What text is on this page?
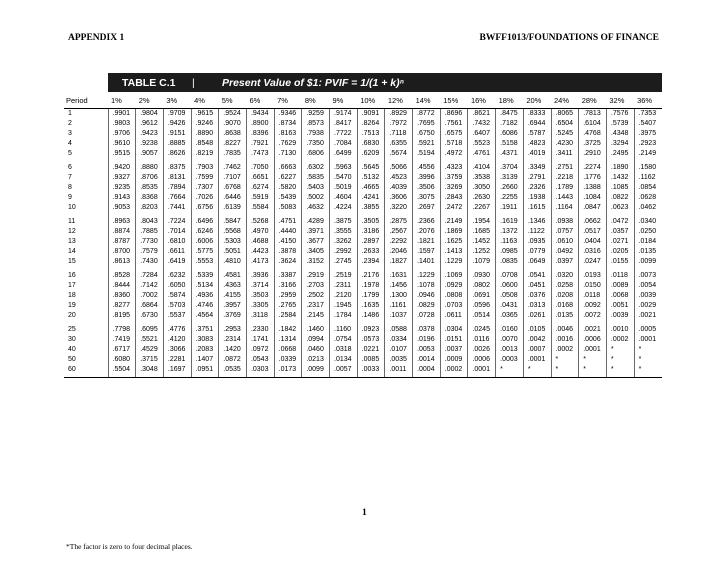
APPENDIX 1	BWFF1013/FOUNDATIONS OF FINANCE
TABLE C.1	|	Present Value of $1: PVIF = 1/(1 + k)ⁿ
Period	1%	2%	3%	4%	5%	6%	7%	8%	9%	10%	12%	14%	15%	16%	18%	20%	24%	28%	32%	36%
1	.9901	.9804	.9709	.9615	.9524	.9434	.9346	.9259	.9174	.9091	.8929	.8772	.8696	.8621	.8475	.8333	.8065	.7813	.7576	.7353
2	.9803	.9612	.9426	.9246	.9070	.8900	.8734	.8573	.8417	.8264	.7972	.7695	.7561	.7432	.7182	.6944	.6504	.6104	.5739	.5407
3	.9706	.9423	.9151	.8890	.8638	.8396	.8163	.7938	.7722	.7513	.7118	.6750	.6575	.6407	.6086	.5787	.5245	.4768	.4348	.3975
4	.9610	.9238	.8885	.8548	.8227	.7921	.7629	.7350	.7084	.6830	.6355	.5921	.5718	.5523	.5158	.4823	.4230	.3725	.3294	.2923
5	.9515	.9057	.8626	.8219	.7835	.7473	.7130	.6806	.6499	.6209	.5674	.5194	.4972	.4761	.4371	.4019	.3411	.2910	.2495	.2149
6	.9420	.8880	.8375	.7903	.7462	.7050	.6663	.6302	.5963	.5645	.5066	.4556	.4323	.4104	.3704	.3349	.2751	.2274	.1890	.1580
7	.9327	.8706	.8131	.7599	.7107	.6651	.6227	.5835	.5470	.5132	.4523	.3996	.3759	.3538	.3139	.2791	.2218	.1776	.1432	.1162
8	.9235	.8535	.7894	.7307	.6768	.6274	.5820	.5403	.5019	.4665	.4039	.3506	.3269	.3050	.2660	.2326	.1789	.1388	.1085	.0854
9	.9143	.8368	.7664	.7026	.6446	.5919	.5439	.5002	.4604	.4241	.3606	.3075	.2843	.2630	.2255	.1938	.1443	.1084	.0822	.0628
10	.9053	.8203	.7441	.6756	.6139	.5584	.5083	.4632	.4224	.3855	.3220	.2697	.2472	.2267	.1911	.1615	.1164	.0847	.0623	.0462
11	.8963	.8043	.7224	.6496	.5847	.5268	.4751	.4289	.3875	.3505	.2875	.2366	.2149	.1954	.1619	.1346	.0938	.0662	.0472	.0340
12	.8874	.7885	.7014	.6246	.5568	.4970	.4440	.3971	.3555	.3186	.2567	.2076	.1869	.1685	.1372	.1122	.0757	.0517	.0357	.0250
13	.8787	.7730	.6810	.6006	.5303	.4688	.4150	.3677	.3262	.2897	.2292	.1821	.1625	.1452	.1163	.0935	.0610	.0404	.0271	.0184
14	.8700	.7579	.6611	.5775	.5051	.4423	.3878	.3405	.2992	.2633	.2046	.1597	.1413	.1252	.0985	.0779	.0492	.0316	.0205	.0135
15	.8613	.7430	.6419	.5553	.4810	.4173	.3624	.3152	.2745	.2394	.1827	.1401	.1229	.1079	.0835	.0649	.0397	.0247	.0155	.0099
16	.8528	.7284	.6232	.5339	.4581	.3936	.3387	.2919	.2519	.2176	.1631	.1229	.1069	.0930	.0708	.0541	.0320	.0193	.0118	.0073
17	.8444	.7142	.6050	.5134	.4363	.3714	.3166	.2703	.2311	.1978	.1456	.1078	.0929	.0802	.0600	.0451	.0258	.0150	.0089	.0054
18	.8360	.7002	.5874	.4936	.4155	.3503	.2959	.2502	.2120	.1799	.1300	.0946	.0808	.0691	.0508	.0376	.0208	.0118	.0068	.0039
19	.8277	.6864	.5703	.4746	.3957	.3305	.2765	.2317	.1945	.1635	.1161	.0829	.0703	.0596	.0431	.0313	.0168	.0092	.0051	.0029
20	.8195	.6730	.5537	.4564	.3769	.3118	.2584	.2145	.1784	.1486	.1037	.0728	.0611	.0514	.0365	.0261	.0135	.0072	.0039	.0021
25	.7798	.6095	.4776	.3751	.2953	.2330	.1842	.1460	.1160	.0923	.0588	.0378	.0304	.0245	.0160	.0105	.0046	.0021	.0010	.0005
30	.7419	.5521	.4120	.3083	.2314	.1741	.1314	.0994	.0754	.0573	.0334	.0196	.0151	.0116	.0070	.0042	.0016	.0006	.0002	.0001
40	.6717	.4529	.3066	.2083	.1420	.0972	.0668	.0460	.0318	.0221	.0107	.0053	.0037	.0026	.0013	.0007	.0002	.0001	*	*
50	.6080	.3715	.2281	.1407	.0872	.0543	.0339	.0213	.0134	.0085	.0035	.0014	.0009	.0006	.0003	.0001	*	*	*	*
60	.5504	.3048	.1697	.0951	.0535	.0303	.0173	.0099	.0057	.0033	.0011	.0004	.0002	.0001	*	*	*	*	*	*
1
*The factor is zero to four decimal places.
